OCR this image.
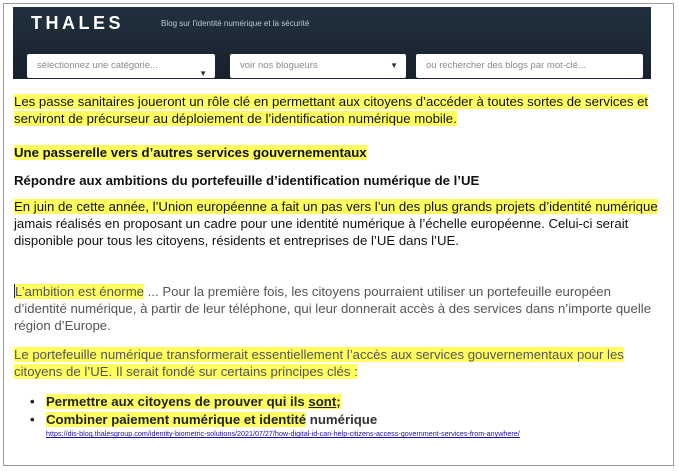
THALES	Blog sur l'identité numérique et la sécurité
sélectionnez une catégorie...
▼
voir nos blogueurs	▼	ou rechercher des blogs par mot-clé...
Les passe sanitaires joueront un rôle clé en permettant aux citoyens d’accéder à toutes sortes de services et serviront de précurseur au déploiement de l’identification numérique mobile.
Une passerelle vers d’autres services gouvernementaux
Répondre aux ambitions du portefeuille d’identification numérique de l’UE
En juin de cette année, l’Union européenne a fait un pas vers l’un des plus grands projets d’identité numérique jamais réalisés en proposant un cadre pour une identité numérique à l’échelle européenne. Celui-ci serait disponible pour tous les citoyens, résidents et entreprises de l’UE dans l’UE.
L’ambition est énorme ... Pour la première fois, les citoyens pourraient utiliser un portefeuille européen d’identité numérique, à partir de leur téléphone, qui leur donnerait accès à des services dans n’importe quelle région d’Europe.
Le portefeuille numérique transformerait essentiellement l’accès aux services gouvernementaux pour les citoyens de l’UE. Il serait fondé sur certains principes clés :
• Permettre aux citoyens de prouver qui ils sont;
• Combiner paiement numérique et identité numérique
https://dis-blog.thalesgroup.com/identity-biometric-solutions/2021/07/27/how-digital-id-can-help-citizens-access-government-services-from-anywhere/
